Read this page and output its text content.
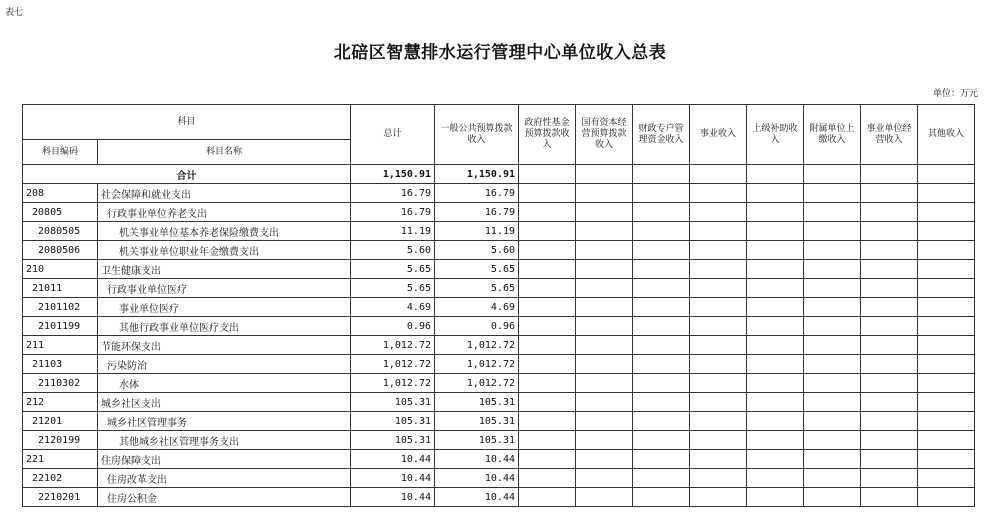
表七
北碚区智慧排水运行管理中心单位收入总表
单位：万元
科目		总计	一般公共预算拨款收入	政府性基金预算拨款收入	国有资本经营预算拨款收入	财政专户管理资金收入	事业收入	上级补助收入	附属单位上缴收入	事业单位经营收入	其他收入
科目编码	科目名称										
合计		1,150.91	1,150.91								
208	社会保障和就业支出	16.79	16.79								
20805	行政事业单位养老支出	16.79	16.79								
2080505	机关事业单位基本养老保险缴费支出	11.19	11.19								
2080506	机关事业单位职业年金缴费支出	5.60	5.60								
210	卫生健康支出	5.65	5.65								
21011	行政事业单位医疗	5.65	5.65								
2101102	事业单位医疗	4.69	4.69								
2101199	其他行政事业单位医疗支出	0.96	0.96								
211	节能环保支出	1,012.72	1,012.72								
21103	污染防治	1,012.72	1,012.72								
2110302	水体	1,012.72	1,012.72								
212	城乡社区支出	105.31	105.31								
21201	城乡社区管理事务	105.31	105.31								
2120199	其他城乡社区管理事务支出	105.31	105.31								
221	住房保障支出	10.44	10.44								
22102	住房改革支出	10.44	10.44								
2210201	住房公积金	10.44	10.44								
